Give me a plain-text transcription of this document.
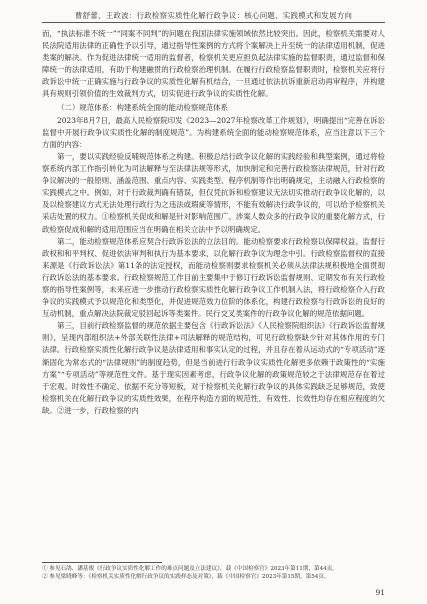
曹舒蕾、王政波：行政检察实质性化解行政争议：核心问题、实践模式和发展方向

而，“执法标准不统一”“同案不同判”的问题在我国法律实施领域依然比较突出。因此，检察机关需要对人民法院适用法律的正确性予以引导，通过指导性案例的方式将个案解决上升至统一的法律适用机制，促进类案的解决。作为促进法律统一适用的监督者，检察机关更应担负起法律实施的监督职责，通过监督和保障统一的法律适用，有助于构建融贯的行政检察治理机制。在履行行政检察监督职责时，检察机关应将行政诉讼中统一正确实施与行政争议的实质性化解有机结合，一旦通过依法抗诉重新启动再审程序，并构建具有规则引领价值的生效裁判方式，切实促进行政争议的实质性化解。

（二）规范体系：构建系统全面的能动检察规范体系

2023年8月7日，最高人民检察院印发《2023—2027年检察改革工作规划》，明确提出“完善在诉讼监督中开展行政争议实质性化解的制度规范”。为构建系统全面的能动检察规范体系，应当注意以下三个方面的内容：

第一，要以实践经验反哺规范体系之构建。积极总结行政争议化解的实践经验和典型案例，通过将检察系统内部工作指引转化为司法解释与至法律法规等形式，加快制定和完善行政检察法律规范，针对行政争议解决的一般原则、涵盖范围、重点内容、实践类型、程序机制等作出明确规定，主动融入行政检察的实践模式之中。例如，对于行政裁判确有错误，但仅凭抗诉和检察建议无法切实推动行政争议化解的，以及以检察建议方式无法处理行政行为之违法或瑕疵等情形，不能有效解决行政争议的，可以给予检察机关采店处置的权力。①检察机关促成和解是针对影响范围广、涉案人数众多的行政争议的重要化解方式，行政检察促成和解的适用范围应当在明确在相关立法中予以明确规定。

第二，能动检察规范体系应契合行政诉讼法的立法目的。能动检察要求行政检察以保障权益、监督行政权和和平判权、促进依法审判和执行为基本要求，以化解行政争议为理念中引。行政检察监督权的直接来源是《行政诉讼法》第11条的法定授权，而能动检察则要求检察机关必须从法律法规积极地全面贯彻行政诉讼法的基本要求。行政检察规范工作目前主要集中于修订行政诉讼监督规则、定期发布有关行政检察的指导性案例等，未来应进一步推动行政检察实质性化解行政争议工作机制入法，将行政检察介入行政争议的实践模式予以规范化和类型化，并促进规范效力位阶的体系化，构建行政检察与行政诉讼的良好的互动机制，重点解决法院裁定驳回起诉等类案件。民行交叉类案件的行政争议化解的规范依据问题。

第三，目前行政检察监督的规范依据主要包含《行政诉讼法》《人民检察院组织法》《行政诉讼监督规则》，呈现内部组织法+外部关联性法律+司法解释的规范结构，可见行政检察缺少针对其体作用的专门法律。行政检察实质性化解行政争议是法律适用和事实认定的过程，并且存在着从运动式的“专项活动”逐渐固化为常态式的“法律规则”的制度趋势，但是当前进行行政争议实质性化解更多依赖于政策性的“实施方案”“专项活动”等规范性文件。基于现实因素考虑，行政争议化解的政策规范较之于法律规范存在着过于宏观、时效性不确定、依据不充分等短板，对于检察机关化解行政争议的具体实践缺乏足够规范，致使检察机关在化解行政争议的实质性效果，在程序构造方面的规范性、有效性、长效性均存在相应程度的欠缺。②进一步，行政检察的内

① 参见石鸽、潘基俊《行政争议实质性化解工作的难点问题及立法建议》，载《中国检察官》2023年第11期，第44页。
② 参见梁晓峰等：《检察机关实质性化解行政争议的实践样态及对策》，载《中国检察官》2023年第15期，第54页。
91
